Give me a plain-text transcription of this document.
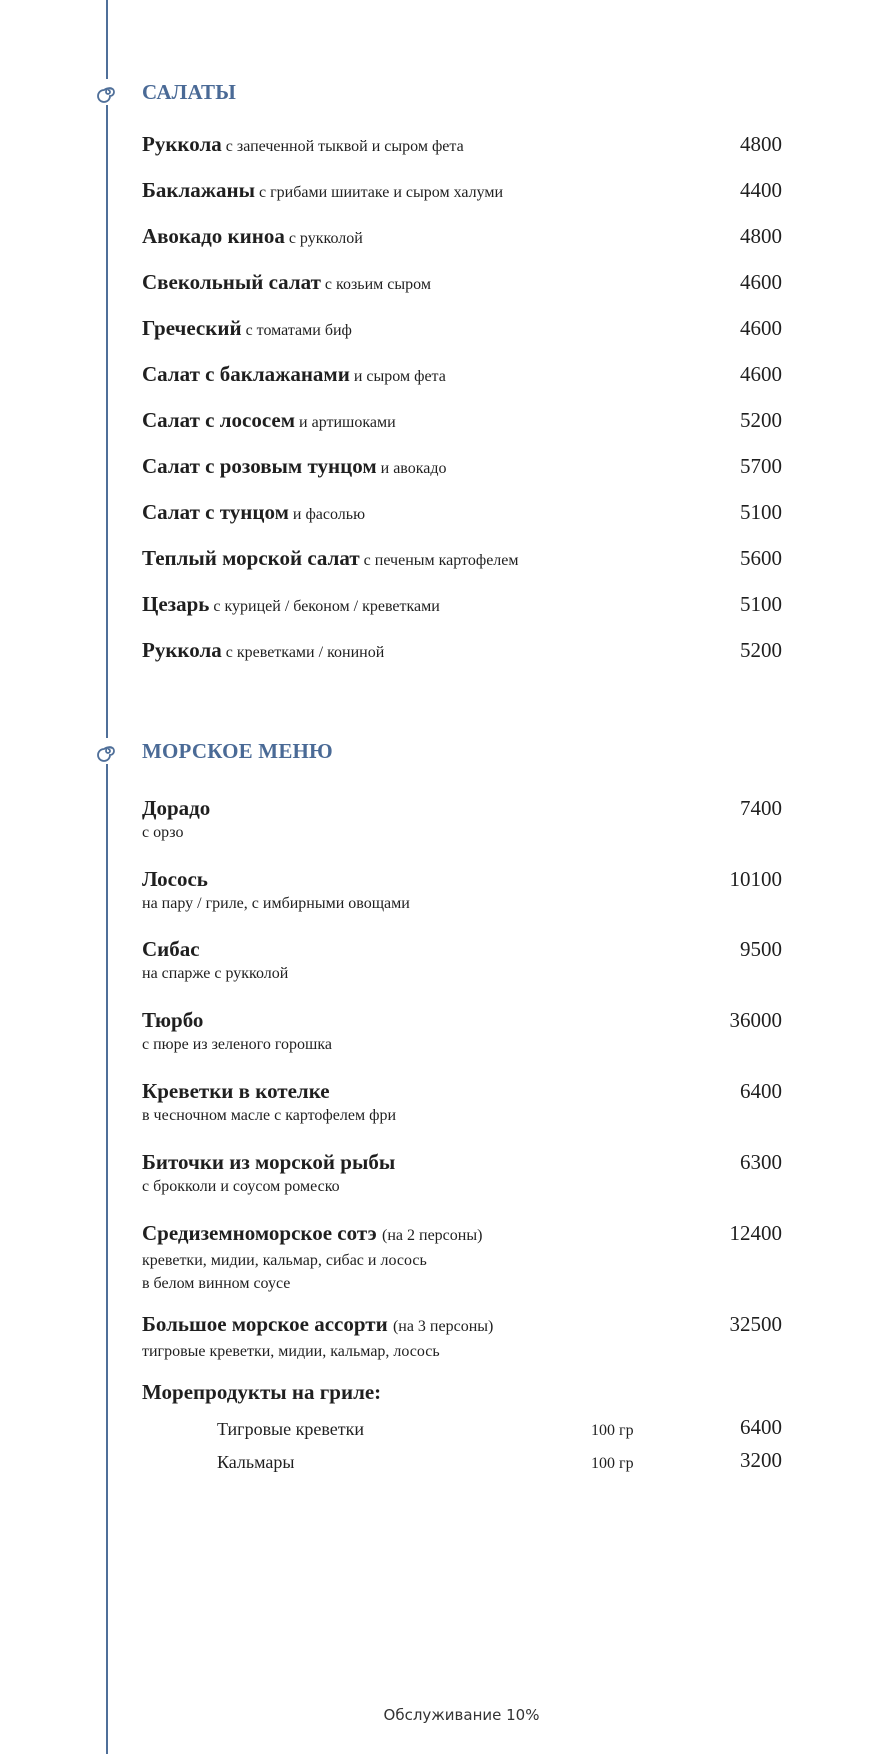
САЛАТЫ
Руккола с запеченной тыквой и сыром фета	4800
Баклажаны с грибами шиитаке и сыром халуми	4400
Авокадо киноа с рукколой	4800
Свекольный салат с козьим сыром	4600
Греческий с томатами биф	4600
Салат с баклажанами и сыром фета	4600
Салат с лососем и артишоками	5200
Салат с розовым тунцом и авокадо	5700
Салат с тунцом и фасолью	5100
Теплый морской салат с печеным картофелем	5600
Цезарь с курицей / беконом / креветками	5100
Руккола с креветками / кониной	5200
МОРСКОЕ МЕНЮ
Дорадо	7400
с орзо
Лосось	10100
на пару / гриле, с имбирными овощами
Сибас	9500
на спарже с рукколой
Тюрбо	36000
с пюре из зеленого горошка
Креветки в котелке	6400
в чесночном масле с картофелем фри
Биточки из морской рыбы	6300
с брокколи и соусом ромеско
Средиземноморское сотэ (на 2 персоны)	12400
креветки, мидии, кальмар, сибас и лосось
в белом винном соусе
Большое морское ассорти (на 3 персоны)	32500
тигровые креветки, мидии, кальмар, лосось
Морепродукты на гриле:
Тигровые креветки	100 гр	6400
Кальмары	100 гр	3200
Обслуживание 10%
